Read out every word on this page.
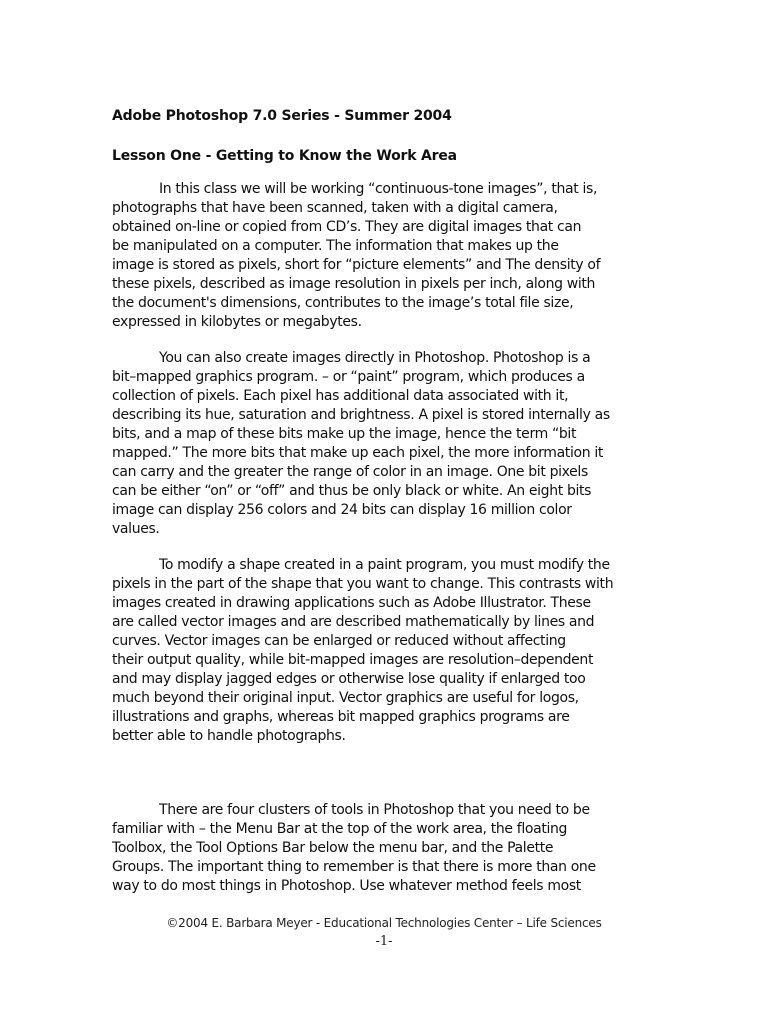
Adobe Photoshop 7.0 Series - Summer 2004
Lesson One - Getting to Know the Work Area
In this class we will be working “continuous-tone images”, that is,
photographs that have been scanned, taken with a digital camera,
obtained on-line or copied from CD’s. They are digital images that can
be manipulated on a computer. The information that makes up the
image is stored as pixels, short for “picture elements” and The density of
these pixels, described as image resolution in pixels per inch, along with
the document's dimensions, contributes to the image’s total file size,
expressed in kilobytes or megabytes.
You can also create images directly in Photoshop. Photoshop is a
bit–mapped graphics program. – or “paint” program, which produces a
collection of pixels. Each pixel has additional data associated with it,
describing its hue, saturation and brightness. A pixel is stored internally as
bits, and a map of these bits make up the image, hence the term “bit
mapped.” The more bits that make up each pixel, the more information it
can carry and the greater the range of color in an image. One bit pixels
can be either “on” or “off” and thus be only black or white. An eight bits
image can display 256 colors and 24 bits can display 16 million color
values.
To modify a shape created in a paint program, you must modify the
pixels in the part of the shape that you want to change. This contrasts with
images created in drawing applications such as Adobe Illustrator. These
are called vector images and are described mathematically by lines and
curves. Vector images can be enlarged or reduced without affecting
their output quality, while bit-mapped images are resolution–dependent
and may display jagged edges or otherwise lose quality if enlarged too
much beyond their original input. Vector graphics are useful for logos,
illustrations and graphs, whereas bit mapped graphics programs are
better able to handle photographs.
There are four clusters of tools in Photoshop that you need to be
familiar with – the Menu Bar at the top of the work area, the floating
Toolbox, the Tool Options Bar below the menu bar, and the Palette
Groups. The important thing to remember is that there is more than one
way to do most things in Photoshop. Use whatever method feels most
©2004 E. Barbara Meyer - Educational Technologies Center – Life Sciences
-1-
